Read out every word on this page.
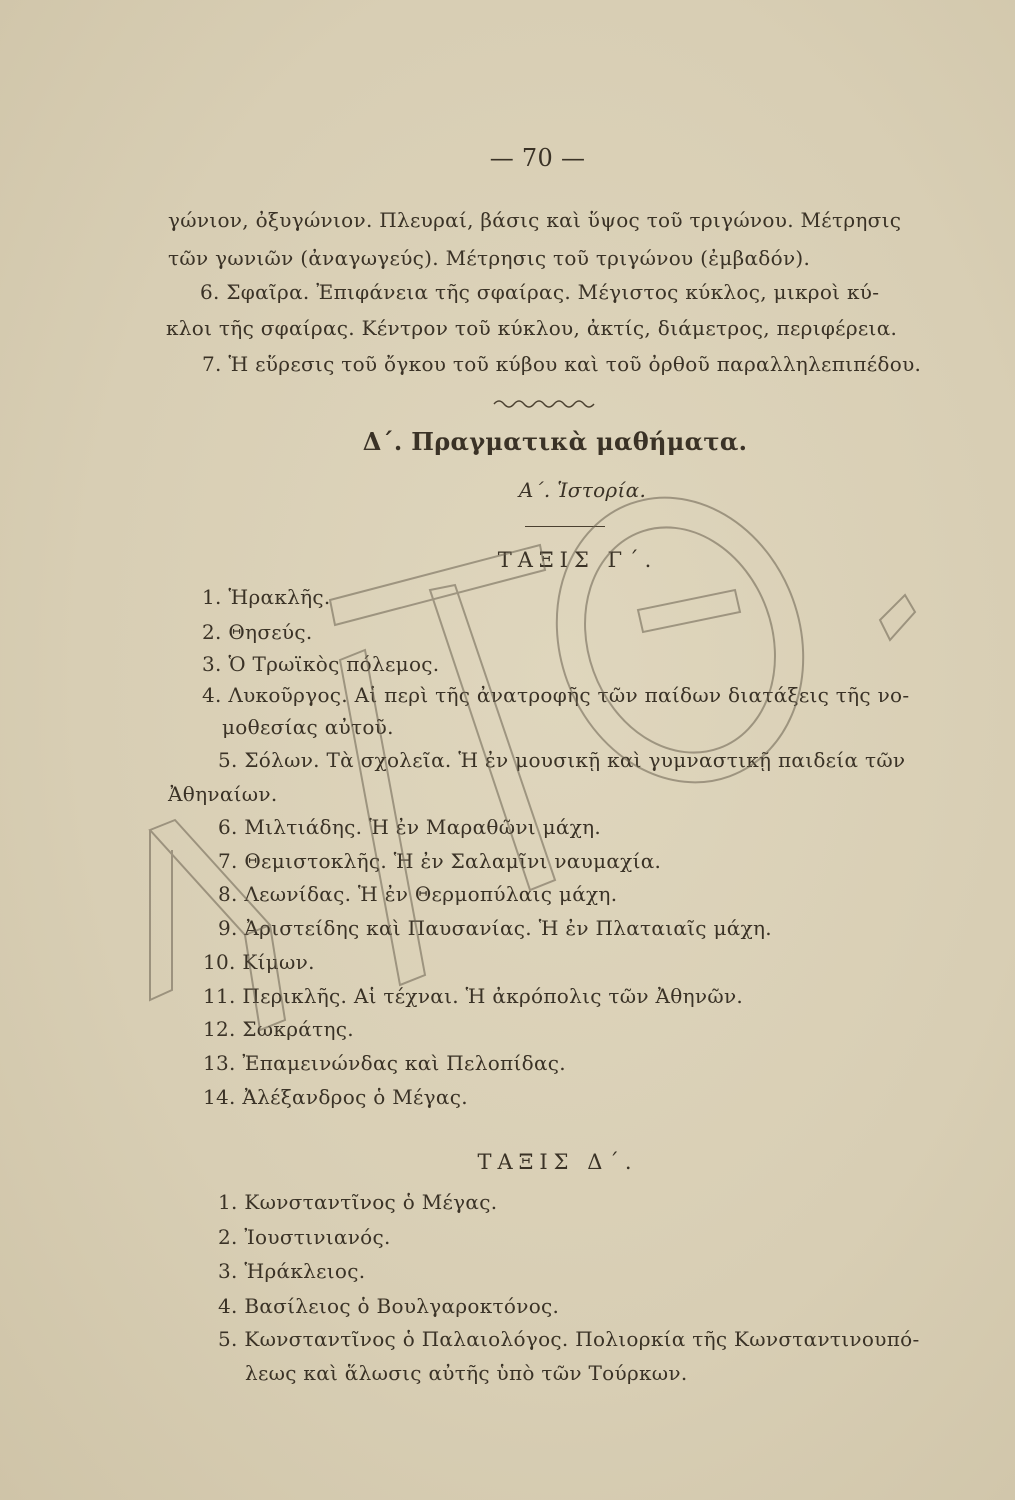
— 70 —
γώνιον, ὀξυγώνιον. Πλευραί, βάσις καὶ ὕψος τοῦ τριγώνου. Μέτρησις
τῶν γωνιῶν (ἀναγωγεύς). Μέτρησις τοῦ τριγώνου (ἐμβαδόν).
6. Σφαῖρα. Ἐπιφάνεια τῆς σφαίρας. Μέγιστος κύκλος, μικροὶ κύ-
κλοι τῆς σφαίρας. Κέντρον τοῦ κύκλου, ἀκτίς, διάμετρος, περιφέρεια.
7. Ἡ εὕρεσις τοῦ ὄγκου τοῦ κύβου καὶ τοῦ ὀρθοῦ παραλληλεπιπέδου.
Δ΄. Πραγματικὰ μαθήματα.
Α΄. Ἱστορία.
ΤΑΞΙΣ Γ΄.
1. Ἡρακλῆς.
2. Θησεύς.
3. Ὁ Τρωϊκὸς πόλεμος.
4. Λυκοῦργος. Αἱ περὶ τῆς ἀνατροφῆς τῶν παίδων διατάξεις τῆς νο-
μοθεσίας αὐτοῦ.
5. Σόλων. Τὰ σχολεῖα. Ἡ ἐν μουσικῇ καὶ γυμναστικῇ παιδεία τῶν
Ἀθηναίων.
6. Μιλτιάδης. Ἡ ἐν Μαραθῶνι μάχη.
7. Θεμιστοκλῆς. Ἡ ἐν Σαλαμῖνι ναυμαχία.
8. Λεωνίδας. Ἡ ἐν Θερμοπύλαις μάχη.
9. Ἀριστείδης καὶ Παυσανίας. Ἡ ἐν Πλαταιαῖς μάχη.
10. Κίμων.
11. Περικλῆς. Αἱ τέχναι. Ἡ ἀκρόπολις τῶν Ἀθηνῶν.
12. Σωκράτης.
13. Ἐπαμεινώνδας καὶ Πελοπίδας.
14. Ἀλέξανδρος ὁ Μέγας.
ΤΑΞΙΣ Δ΄.
1. Κωνσταντῖνος ὁ Μέγας.
2. Ἰουστινιανός.
3. Ἡράκλειος.
4. Βασίλειος ὁ Βουλγαροκτόνος.
5. Κωνσταντῖνος ὁ Παλαιολόγος. Πολιορκία τῆς Κωνσταντινουπό-
λεως καὶ ἅλωσις αὐτῆς ὑπὸ τῶν Τούρκων.
